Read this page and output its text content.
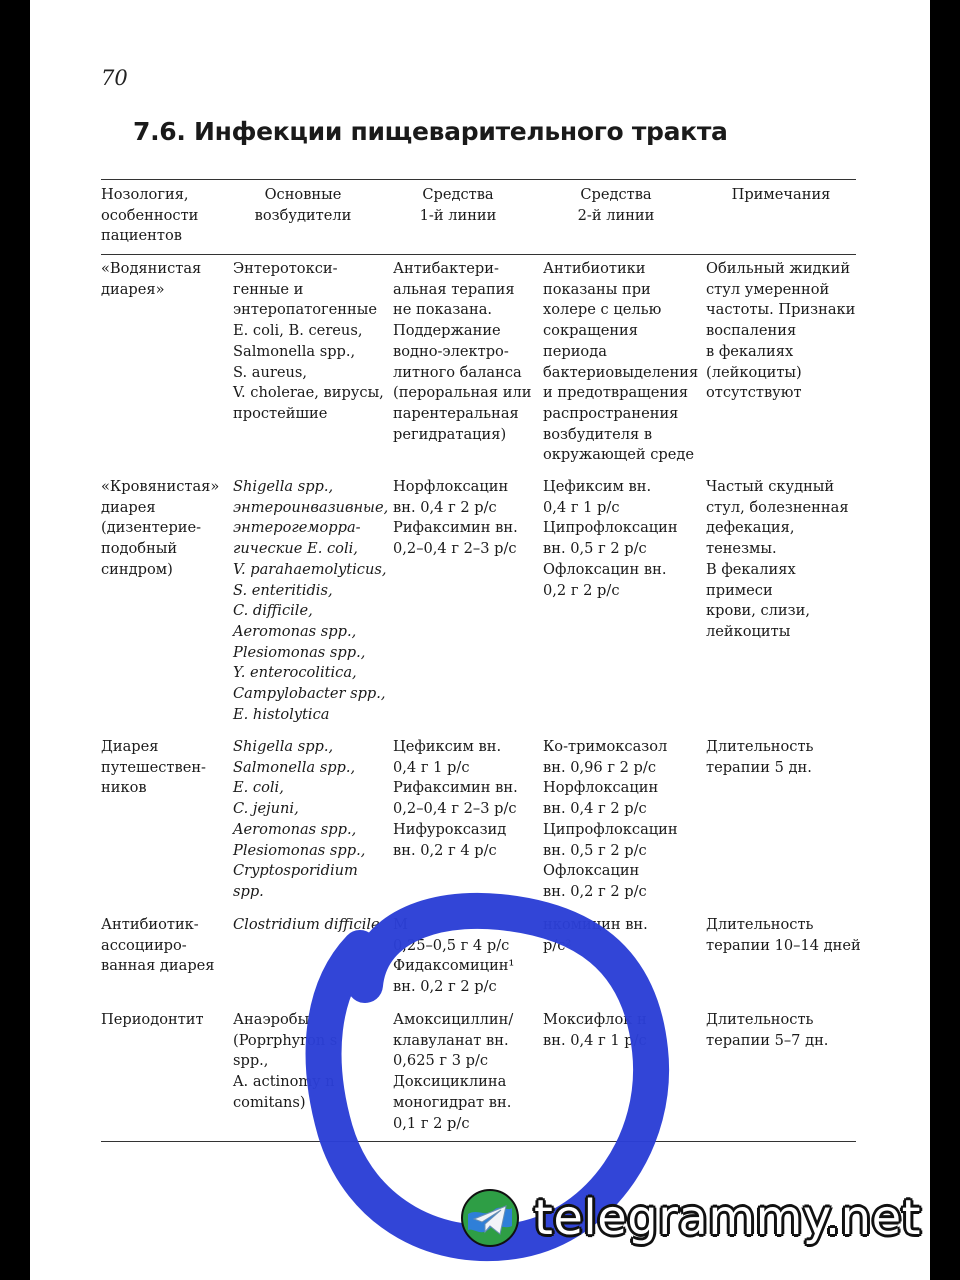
70
7.6. Инфекции пищеварительного тракта
Нозология,
особенности
пациентов
Основные
возбудители
Средства
1-й линии
Средства
2-й линии
Примечания
«Водянистая
диарея»
Энтеротокси-
генные и
энтеропатогенные
E. coli, B. cereus,
Salmonella spp.,
S. aureus,
V. cholerae, вирусы,
простейшие
Антибактери-
альная терапия
не показана.
Поддержание
водно-электро-
литного баланса
(пероральная или
парентеральная
регидратация)
Антибиотики
показаны при
холере с целью
сокращения
периода
бактериовыделения
и предотвращения
распространения
возбудителя в
окружающей среде
Обильный жидкий
стул умеренной
частоты. Признаки
воспаления
в фекалиях
(лейкоциты)
отсутствуют
«Кровянистая»
диарея
(дизентерие-
подобный
синдром)
Shigella spp.,
энтероинвазивные,
энтерогеморра-
гические E. coli,
V. parahaemolyticus,
S. enteritidis,
C. difficile,
Aeromonas spp.,
Plesiomonas spp.,
Y. enterocolitica,
Campylobacter spp.,
E. histolytica
Норфлоксацин
вн. 0,4 г 2 р/с
Рифаксимин вн.
0,2–0,4 г 2–3 р/с
Цефиксим вн.
0,4 г 1 р/с
Ципрофлоксацин
вн. 0,5 г 2 р/с
Офлоксацин вн.
0,2 г 2 р/с
Частый скудный
стул, болезненная
дефекация,
тенезмы.
В фекалиях примеси
крови, слизи,
лейкоциты
Диарея
путешествен-
ников
Shigella spp.,
Salmonella spp.,
E. coli,
C. jejuni,
Aeromonas spp.,
Plesiomonas spp.,
Cryptosporidium
spp.
Цефиксим вн.
0,4 г 1 р/с
Рифаксимин вн.
0,2–0,4 г 2–3 р/с
Нифуроксазид
вн. 0,2 г 4 р/с
Ко-тримоксазол
вн. 0,96 г 2 р/с
Норфлоксацин
вн. 0,4 г 2 р/с
Ципрофлоксацин
вн. 0,5 г 2 р/с
Офлоксацин
вн. 0,2 г 2 р/с
Длительность
терапии 5 дн.
Антибиотик-
ассоцииро-
ванная диарея
Clostridium difficile М
0,25–0,5 г 4 р/с
Фидаксомицин¹
вн. 0,2 г 2 р/с
нкомицин вн.
р/с²
Длительность
терапии 10–14 дней
Периодонтит	Анаэробы
(Poprphyron s
spp.,
A. actinomy n
comitans)
Амоксициллин/
клавуланат вн.
0,625 г 3 р/с
Доксициклина
моногидрат вн.
0,1 г 2 р/с
Моксифлок н
вн. 0,4 г 1 р/с
Длительность
терапии 5–7 дн.
telegrammy.net
